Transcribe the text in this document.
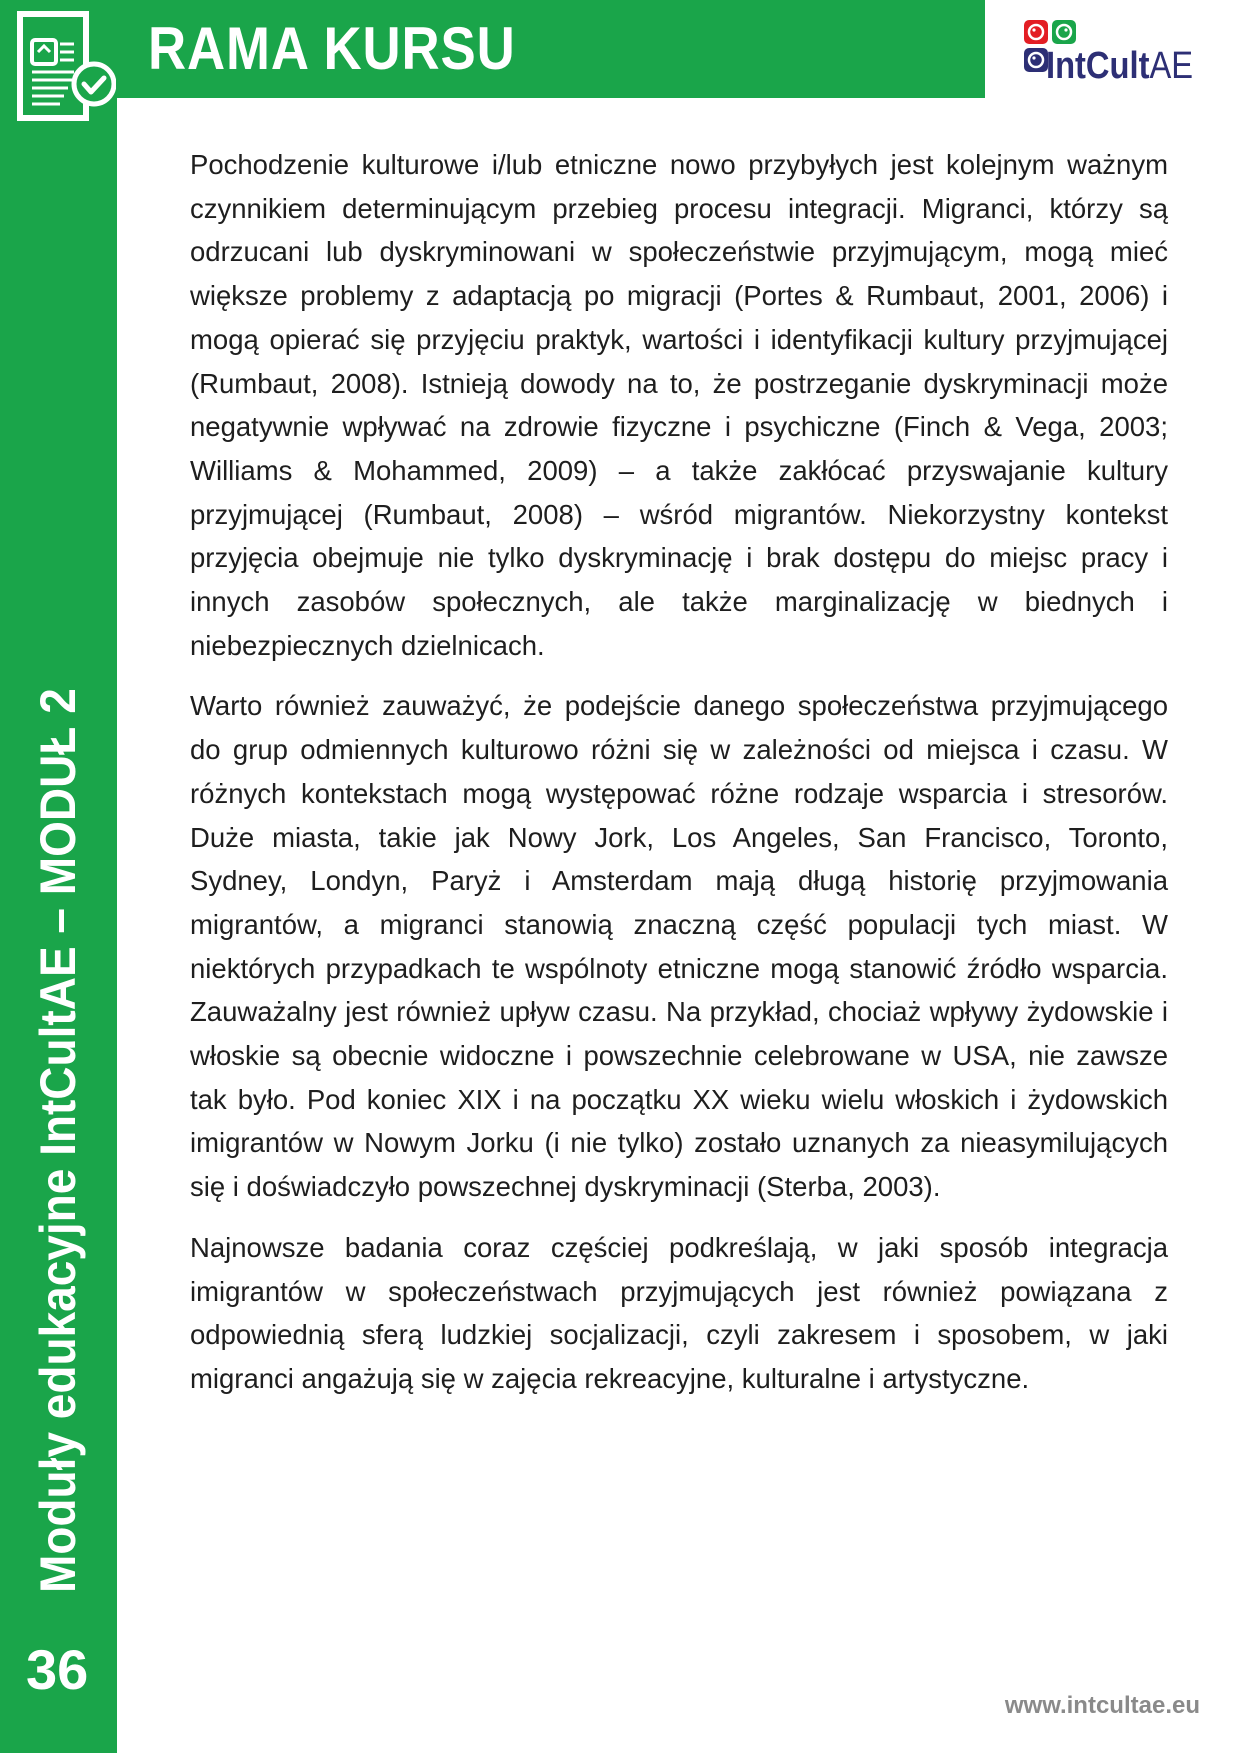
RAMA KURSU	IntCultAE
Moduły edukacyjne IntCultAE – MODUŁ 2
36

Pochodzenie kulturowe i/lub etniczne nowo przybyłych jest kolejnym ważnym czynnikiem determinującym przebieg procesu integracji. Migranci, którzy są odrzucani lub dyskryminowani w społeczeństwie przyjmującym, mogą mieć większe problemy z adaptacją po migracji (Portes & Rumbaut, 2001, 2006) i mogą opierać się przyjęciu praktyk, wartości i identyfikacji kultury przyjmującej (Rumbaut, 2008). Istnieją dowody na to, że postrzeganie dyskryminacji może negatywnie wpływać na zdrowie fizyczne i psychiczne (Finch & Vega, 2003; Williams & Mohammed, 2009) – a także zakłócać przyswajanie kultury przyjmującej (Rumbaut, 2008) – wśród migrantów. Niekorzystny kontekst przyjęcia obejmuje nie tylko dyskryminację i brak dostępu do miejsc pracy i innych zasobów społecznych, ale także marginalizację w biednych i niebezpiecznych dzielnicach.

Warto również zauważyć, że podejście danego społeczeństwa przyjmującego do grup odmiennych kulturowo różni się w zależności od miejsca i czasu. W różnych kontekstach mogą występować różne rodzaje wsparcia i stresorów. Duże miasta, takie jak Nowy Jork, Los Angeles, San Francisco, Toronto, Sydney, Londyn, Paryż i Amsterdam mają długą historię przyjmowania migrantów, a migranci stanowią znaczną część populacji tych miast. W niektórych przypadkach te wspólnoty etniczne mogą stanowić źródło wsparcia. Zauważalny jest również upływ czasu. Na przykład, chociaż wpływy żydowskie i włoskie są obecnie widoczne i powszechnie celebrowane w USA, nie zawsze tak było. Pod koniec XIX i na początku XX wieku wielu włoskich i żydowskich imigrantów w Nowym Jorku (i nie tylko) zostało uznanych za nieasymilujących się i doświadczyło powszechnej dyskryminacji (Sterba, 2003).

Najnowsze badania coraz częściej podkreślają, w jaki sposób integracja imigrantów w społeczeństwach przyjmujących jest również powiązana z odpowiednią sferą ludzkiej socjalizacji, czyli zakresem i sposobem, w jaki migranci angażują się w zajęcia rekreacyjne, kulturalne i artystyczne.

www.intcultae.eu
